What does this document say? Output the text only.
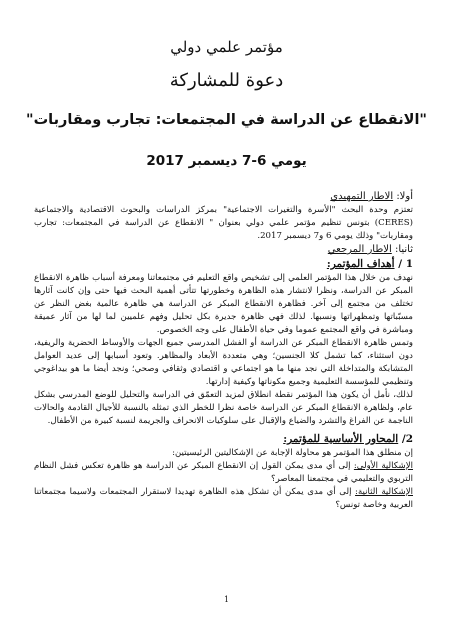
مؤتمر علمي دولي
دعوة للمشاركة
"الانقطاع عن الدراسة في المجتمعات: تجارب ومقاربات"
يومي 6-7 ديسمبر 2017

أولا: الاطار التمهيدي

تعتزم وحدة البحث "الأسرة والتغيرات الاجتماعية" بمركز الدراسات والبحوث الاقتصادية والاجتماعية (CERES) بتونس تنظيم مؤتمر علمي دولي بعنوان " الانقطاع عن الدراسة في المجتمعات: تجارب ومقاربات" وذلك يومي 6 و7 ديسمبر 2017.

ثانيا: الاطار المرجعي

1 / أهداف المؤتمر:

نهدف من خلال هذا المؤتمر العلمي إلى تشخيص واقع التعليم في مجتمعاتنا ومعرفة أسباب ظاهرة الانقطاع المبكر عن الدراسة، ونظرا لانتشار هذه الظاهرة وخطورتها تتأتى أهمية البحث فيها حتى وإن كانت آثارها تختلف من مجتمع إلى آخر. فظاهرة الانقطاع المبكر عن الدراسة هي ظاهرة عالمية بغض النظر عن مسبّباتها وتمظهراتها ونسبها. لذلك فهي ظاهرة جديرة بكل تحليل وفهم علميين لما لها من آثار عميقة ومباشرة في واقع المجتمع عموما وفي حياة الأطفال على وجه الخصوص.

وتمس ظاهرة الانقطاع المبكر عن الدراسة أو الفشل المدرسي جميع الجهات والأوساط الحضرية والريفية، دون استثناء، كما تشمل كلا الجنسين؛ وهي متعددة الأبعاد والمظاهر. وتعود أسبابها إلى عديد العوامل المتشابكة والمتداخلة التي نجد منها ما هو اجتماعي و اقتصادي وثقافي وصحي؛ ونجد أيضا ما هو بيداغوجي وتنظيمي للمؤسسة التعليمية وجميع مكوناتها وكيفية إدارتها.

لذلك، نأمل أن يكون هذا المؤتمر نقطة انطلاق لمزيد التعمّق في الدراسة والتحليل للوضع المدرسي بشكل عام، ولظاهرة الانقطاع المبكر عن الدراسة خاصة نظرا للخطر الذي تمثله بالنسبة للأجيال القادمة والحالات الناجمة عن الفراغ والتشرد والضياع والإقبال على سلوكيات الانحراف والجريمة لنسبة كبيرة من الأطفال.

2/ المحاور الأساسية للمؤتمر:

إن منطلق هذا المؤتمر هو محاولة الإجابة عن الإشكاليتين الرئيسيتين:

الإشكالية الأولى: إلى أي مدى يمكن القول إن الانقطاع المبكر عن الدراسة هو ظاهرة تعكس فشل النظام التربوي والتعليمي في مجتمعنا المعاصر؟

الإشكالية الثانية: إلى أي مدى يمكن أن تشكل هذه الظاهرة تهديدا لاستقرار المجتمعات ولاسيما مجتمعاتنا العربية وخاصة تونس؟

1
